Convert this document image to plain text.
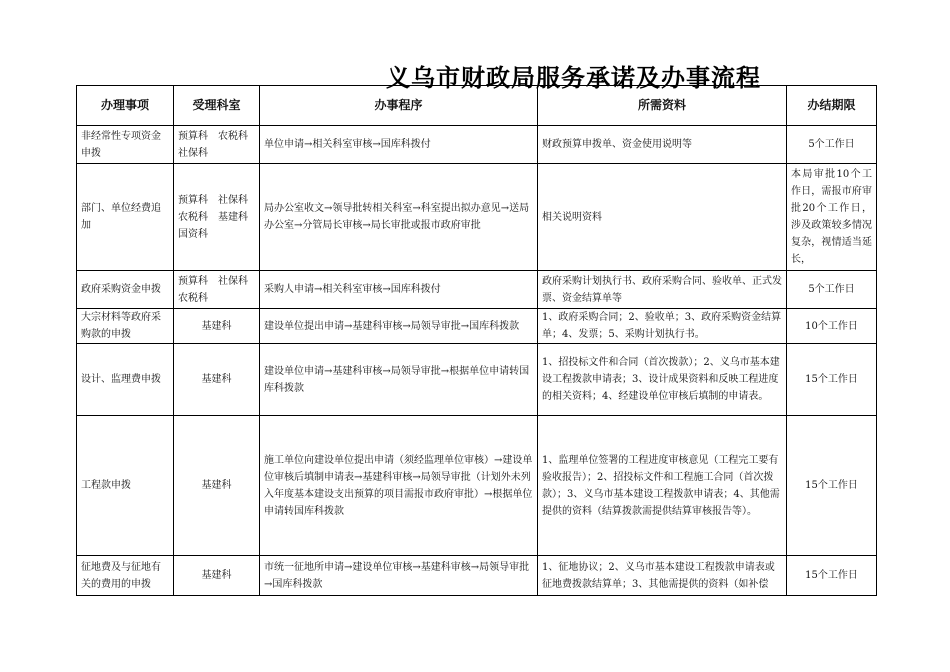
义乌市财政局服务承诺及办事流程
办理事项	受理科室	办事程序	所需资料	办结期限
非经常性专项资金申拨	预算科　农税科　社保科	单位申请→相关科室审核→国库科拨付	财政预算申拨单、资金使用说明等	5个工作日
部门、单位经费追加	预算科　社保科　农税科　基建科　国资科	局办公室收文→领导批转相关科室→科室提出拟办意见→送局办公室→分管局长审核→局长审批或报市政府审批	相关说明资料	本局审批10个工作日，需报市府审批20个工作日，涉及政策较多情况复杂，视情适当延长，
政府采购资金申拨	预算科　社保科　农税科	采购人申请→相关科室审核→国库科拨付	政府采购计划执行书、政府采购合同、验收单、正式发票、资金结算单等	5个工作日
大宗材料等政府采购款的申拨	基建科	建设单位提出申请→基建科审核→局领导审批→国库科拨款	1、政府采购合同；2、验收单；3、政府采购资金结算单；4、发票；5、采购计划执行书。	10个工作日
设计、监理费申拨	基建科	建设单位申请→基建科审核→局领导审批→根据单位申请转国库科拨款	1、招投标文件和合同（首次拨款）；2、义乌市基本建设工程拨款申请表；3、设计成果资料和反映工程进度的相关资料；4、经建设单位审核后填制的申请表。	15个工作日
工程款申拨	基建科	施工单位向建设单位提出申请（须经监理单位审核）→建设单位审核后填制申请表→基建科审核→局领导审批（计划外未列入年度基本建设支出预算的项目需报市政府审批）→根据单位申请转国库科拨款	1、监理单位签署的工程进度审核意见（工程完工要有验收报告）；2、招投标文件和工程施工合同（首次拨款）；3、义乌市基本建设工程拨款申请表；4、其他需提供的资料（结算拨款需提供结算审核报告等）。	15个工作日
征地费及与征地有关的费用的申拨	基建科	市统一征地所申请→建设单位审核→基建科审核→局领导审批→国库科拨款	1、征地协议；2、义乌市基本建设工程拨款申请表或征地费拨款结算单；3、其他需提供的资料（如补偿	15个工作日
